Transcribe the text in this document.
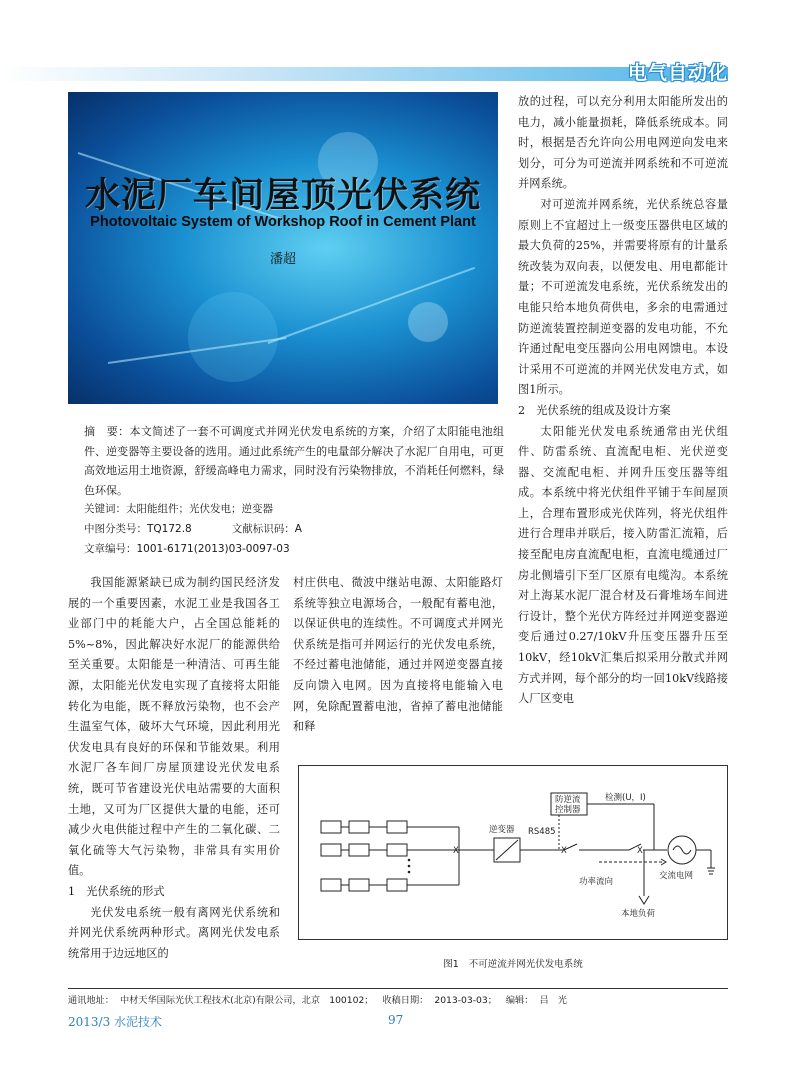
电气自动化
水泥厂车间屋顶光伏系统
Photovoltaic System of Workshop Roof in Cement Plant
潘超

放的过程，可以充分利用太阳能所发出的电力，减小能量损耗，降低系统成本。同时，根据是否允许向公用电网逆向发电来划分，可分为可逆流并网系统和不可逆流并网系统。

对可逆流并网系统，光伏系统总容量原则上不宜超过上一级变压器供电区域的最大负荷的25%，并需要将原有的计量系统改装为双向表，以便发电、用电都能计量；不可逆流发电系统，光伏系统发出的电能只给本地负荷供电，多余的电需通过防逆流装置控制逆变器的发电功能，不允许通过配电变压器向公用电网馈电。本设计采用不可逆流的并网光伏发电方式，如图1所示。

2　光伏系统的组成及设计方案

太阳能光伏发电系统通常由光伏组件、防雷系统、直流配电柜、光伏逆变器、交流配电柜、并网升压变压器等组成。本系统中将光伏组件平铺于车间屋顶上，合理布置形成光伏阵列，将光伏组件进行合理串并联后，接入防雷汇流箱，后接至配电房直流配电柜，直流电缆通过厂房北侧墙引下至厂区原有电缆沟。本系统对上海某水泥厂混合材及石膏堆场车间进行设计，整个光伏方阵经过并网逆变器逆变后通过0.27/10kV升压变压器升压至10kV，经10kV汇集后拟采用分散式并网方式并网，每个部分的均一回10kV线路接人厂区变电

摘　要：本文简述了一套不可调度式并网光伏发电系统的方案，介绍了太阳能电池组件、逆变器等主要设备的选用。通过此系统产生的电量部分解决了水泥厂自用电，可更高效地运用土地资源，舒缓高峰电力需求，同时没有污染物排放，不消耗任何燃料，绿色环保。
关键词：太阳能组件；光伏发电；逆变器
中图分类号：TQ172.8	文献标识码：A
文章编号：1001-6171(2013)03-0097-03

我国能源紧缺已成为制约国民经济发展的一个重要因素，水泥工业是我国各工业部门中的耗能大户，占全国总能耗的5%~8%，因此解决好水泥厂的能源供给至关重要。太阳能是一种清洁、可再生能源，太阳能光伏发电实现了直接将太阳能转化为电能，既不释放污染物，也不会产生温室气体，破坏大气环境，因此利用光伏发电具有良好的环保和节能效果。利用水泥厂各车间厂房屋顶建设光伏发电系统，既可节省建设光伏电站需要的大面积土地，又可为厂区提供大量的电能，还可减少火电供能过程中产生的二氧化碳、二氧化硫等大气污染物，非常具有实用价值。

1　光伏系统的形式

光伏发电系统一般有离网光伏系统和并网光伏系统两种形式。离网光伏发电系统常用于边远地区的

村庄供电、微波中继站电源、太阳能路灯系统等独立电源场合，一般配有蓄电池，以保证供电的连续性。不可调度式并网光伏系统是指可并网运行的光伏发电系统，不经过蓄电池储能，通过并网逆变器直接反向馈入电网。因为直接将电能输入电网，免除配置蓄电池，省掉了蓄电池储能和释

防逆流
控制器
检测(U，I)
逆变器 RS485
功率流向
交流电网
本地负荷
X	X	X
图1 不可逆流并网光伏发电系统
通讯地址： 中材天华国际光伏工程技术(北京)有限公司，北京　100102； 收稿日期： 2013-03-03； 编辑： 吕　光
2013/3 水泥技术	97
